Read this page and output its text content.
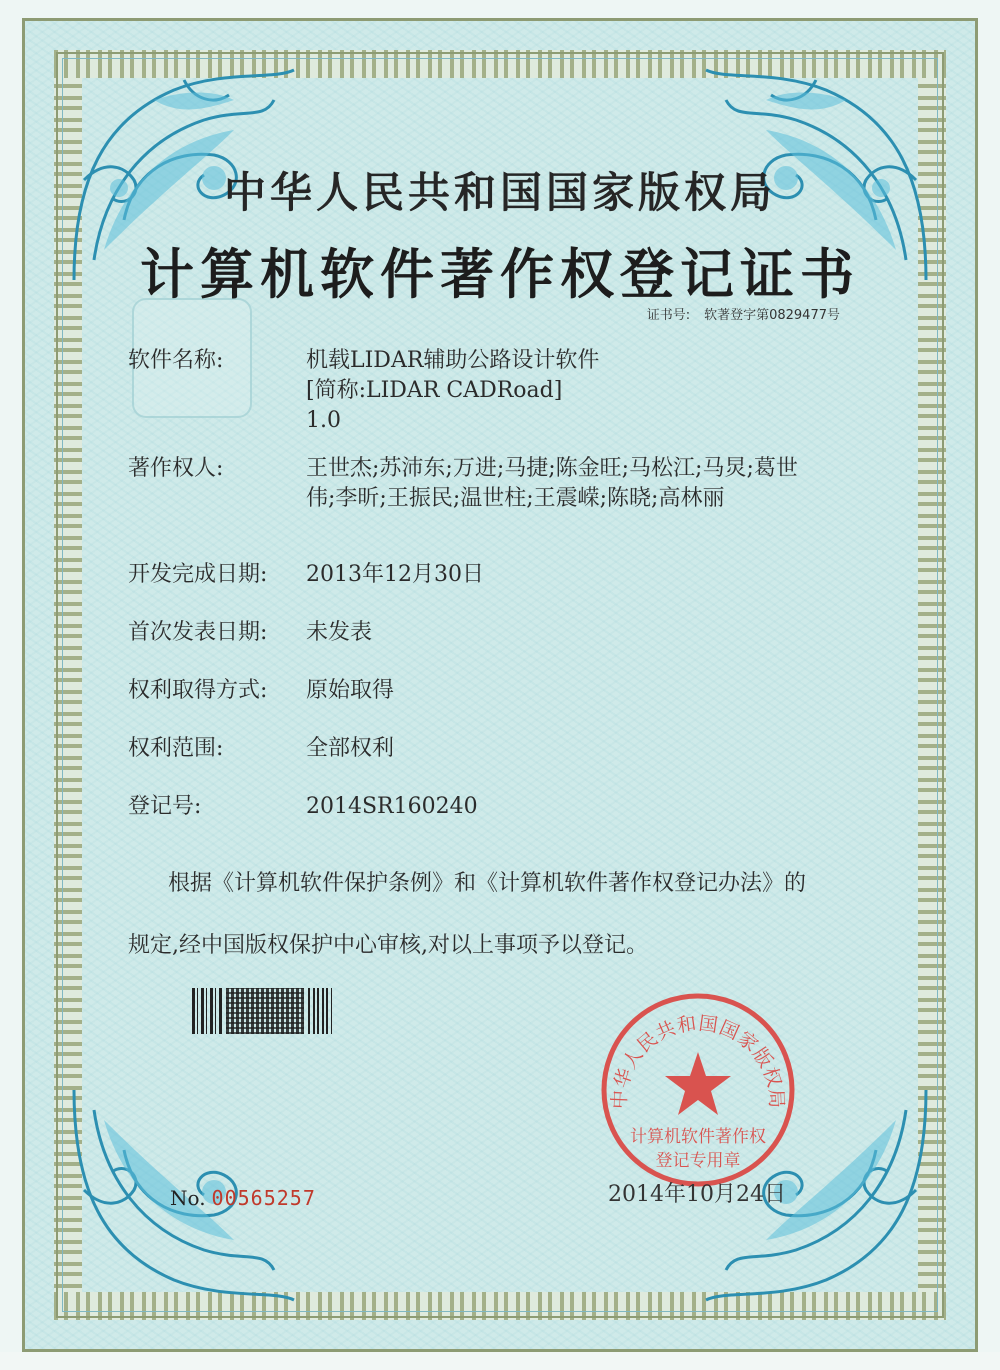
中华人民共和国国家版权局
计算机软件著作权登记证书
证书号: 软著登字第0829477号
软件名称:	机载LIDAR辅助公路设计软件
[简称:LIDAR CADRoad]
1.0
著作权人:	王世杰;苏沛东;万进;马捷;陈金旺;马松江;马炅;葛世
伟;李昕;王振民;温世柱;王震嵘;陈晓;高林丽
开发完成日期:	2013年12月30日
首次发表日期:	未发表
权利取得方式:	原始取得
权利范围:	全部权利
登记号:	2014SR160240

根据《计算机软件保护条例》和《计算机软件著作权登记办法》的

规定,经中国版权保护中心审核,对以上事项予以登记。

中华人民共和国国家版权局
计算机软件著作权
登记专用章
No. 00565257	2014年10月24日
